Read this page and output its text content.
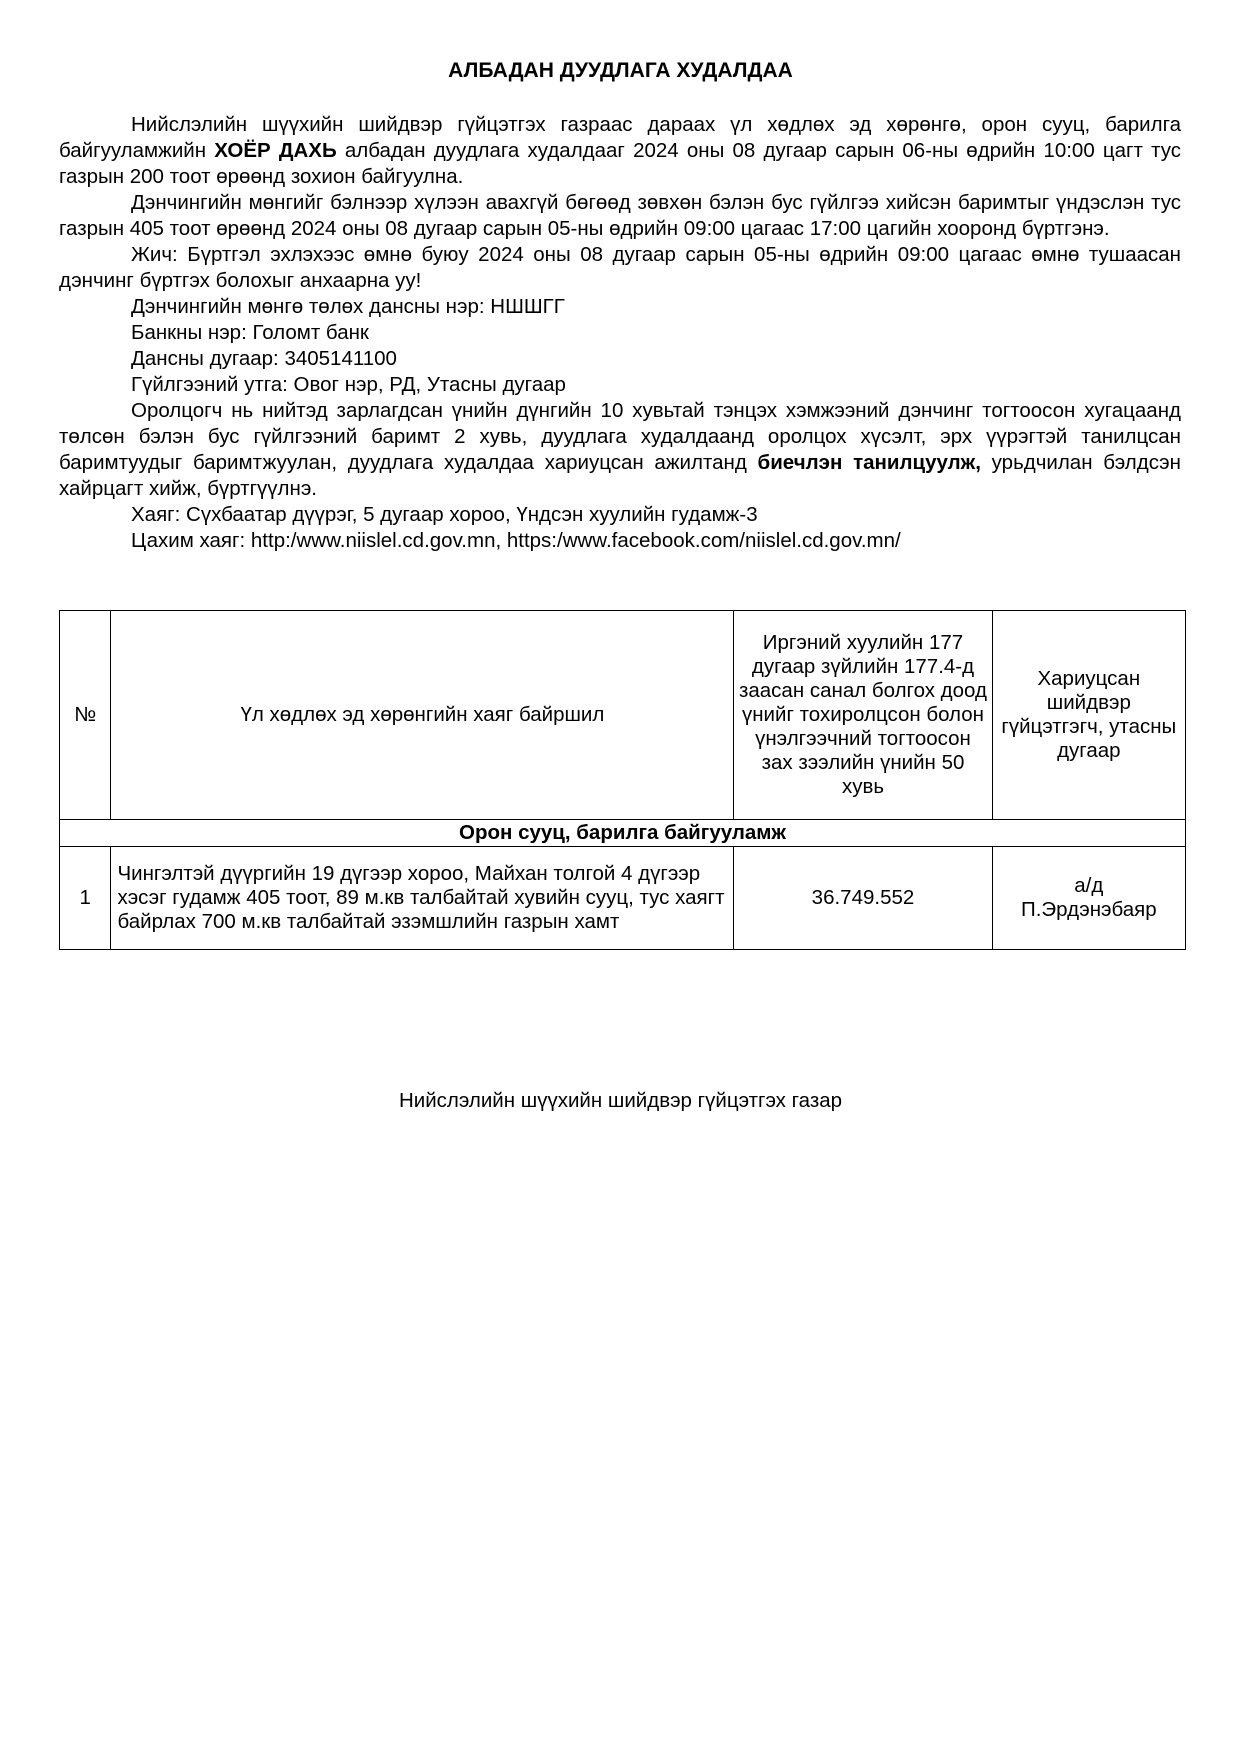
АЛБАДАН ДУУДЛАГА ХУДАЛДАА

Нийслэлийн шүүхийн шийдвэр гүйцэтгэх газраас дараах үл хөдлөх эд хөрөнгө, орон сууц, барилга байгууламжийн ХОЁР ДАХЬ албадан дуудлага худалдааг 2024 оны 08 дугаар сарын 06-ны өдрийн 10:00 цагт тус газрын 200 тоот өрөөнд зохион байгуулна.

Дэнчингийн мөнгийг бэлнээр хүлээн авахгүй бөгөөд зөвхөн бэлэн бус гүйлгээ хийсэн баримтыг үндэслэн тус газрын 405 тоот өрөөнд 2024 оны 08 дугаар сарын 05-ны өдрийн 09:00 цагаас 17:00 цагийн хооронд бүртгэнэ.

Жич: Бүртгэл эхлэхээс өмнө буюу 2024 оны 08 дугаар сарын 05-ны өдрийн 09:00 цагаас өмнө тушаасан дэнчинг бүртгэх болохыг анхаарна уу!

Дэнчингийн мөнгө төлөх дансны нэр: НШШГГ

Банкны нэр: Голомт банк

Дансны дугаар: 3405141100

Гүйлгээний утга: Овог нэр, РД, Утасны дугаар

Оролцогч нь нийтэд зарлагдсан үнийн дүнгийн 10 хувьтай тэнцэх хэмжээний дэнчинг тогтоосон хугацаанд төлсөн бэлэн бус гүйлгээний баримт 2 хувь, дуудлага худалдаанд оролцох хүсэлт, эрх үүрэгтэй танилцсан баримтуудыг баримтжуулан, дуудлага худалдаа хариуцсан ажилтанд биечлэн танилцуулж, урьдчилан бэлдсэн хайрцагт хийж, бүртгүүлнэ.

Хаяг: Сүхбаатар дүүрэг, 5 дугаар хороо, Үндсэн хуулийн гудамж-3

Цахим хаяг: http:/www.niislel.cd.gov.mn, https:/www.facebook.com/niislel.cd.gov.mn/

№	Үл хөдлөх эд хөрөнгийн хаяг байршил	Иргэний хуулийн 177 дугаар зүйлийн 177.4-д заасан санал болгох доод үнийг тохиролцсон болон үнэлгээчний тогтоосон зах зээлийн үнийн 50 хувь	Хариуцсан шийдвэр гүйцэтгэгч, утасны дугаар
Орон сууц, барилга байгууламж			
1	Чингэлтэй дүүргийн 19 дүгээр хороо, Майхан толгой 4 дүгээр хэсэг гудамж 405 тоот, 89 м.кв талбайтай хувийн сууц, тус хаягт байрлах 700 м.кв талбайтай эзэмшлийн газрын хамт	36.749.552	а/д
П.Эрдэнэбаяр
Нийслэлийн шүүхийн шийдвэр гүйцэтгэх газар
